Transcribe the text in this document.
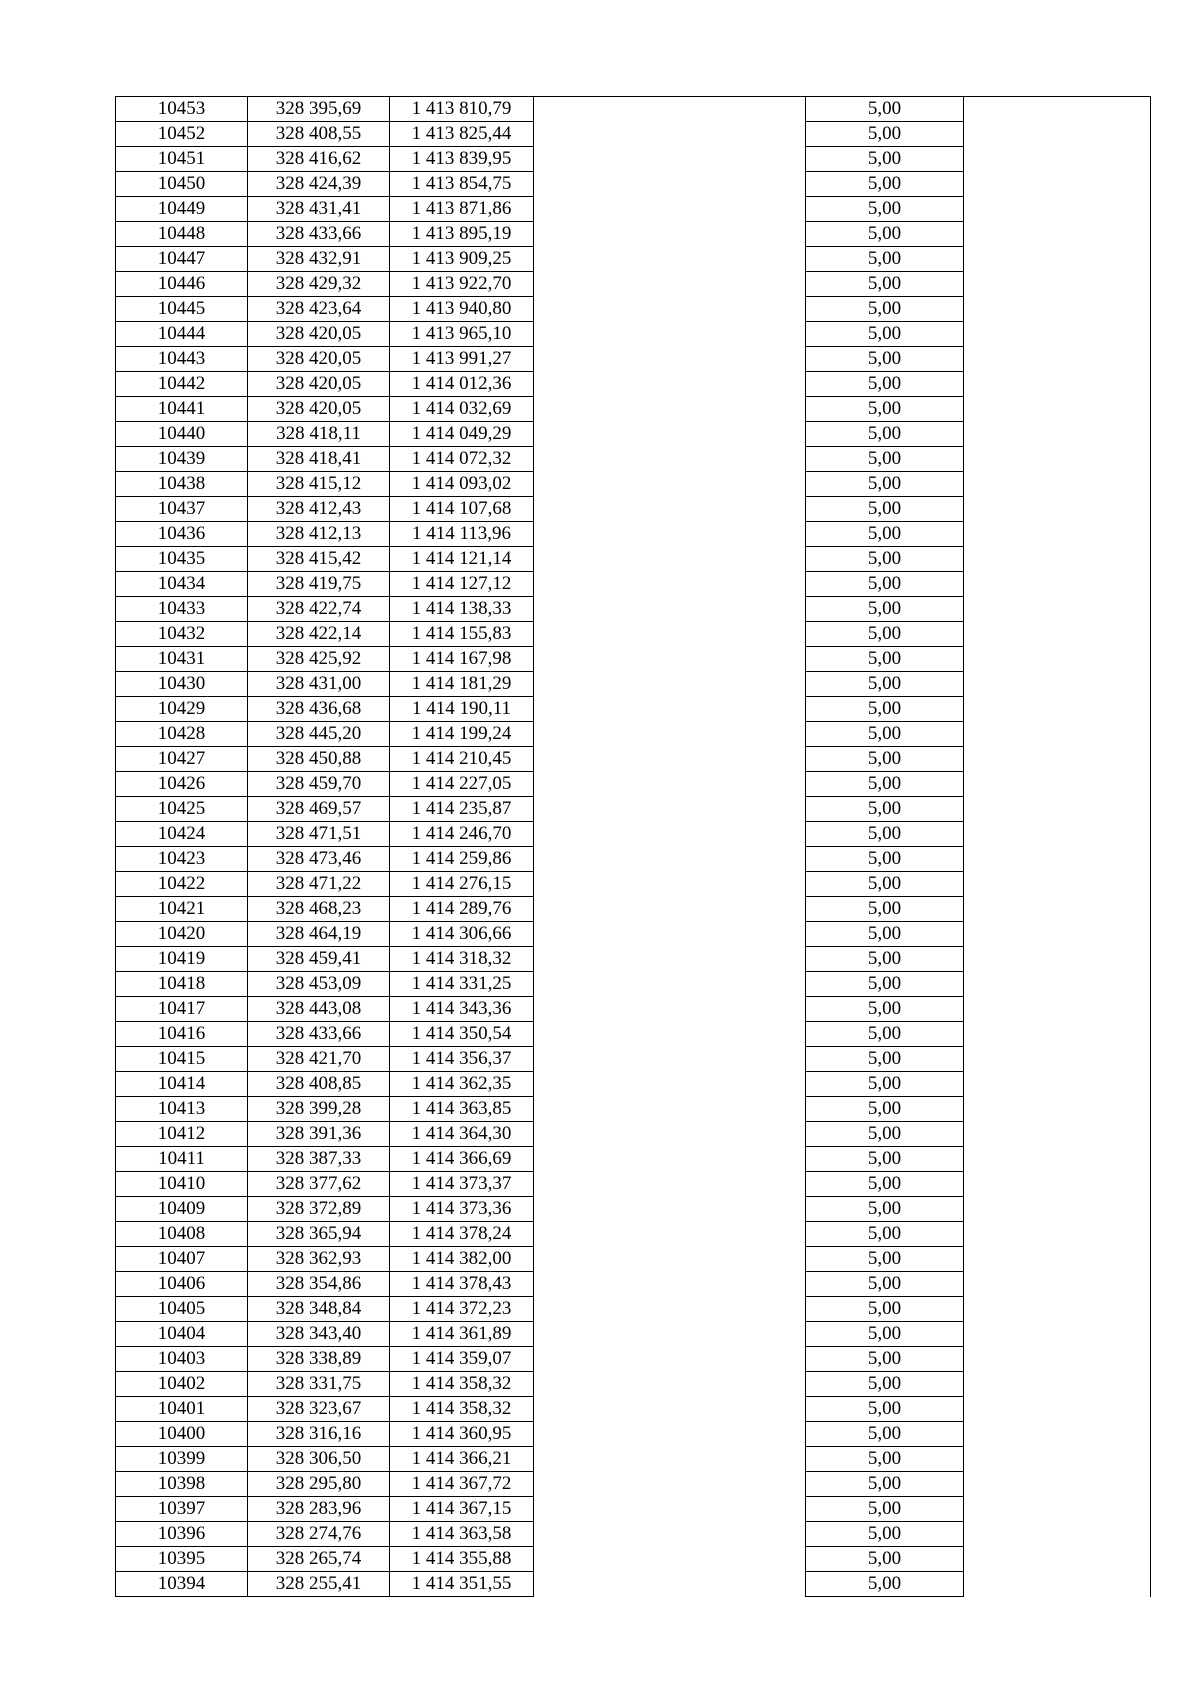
10453	328 395,69	1 413 810,79		5,00	
10452	328 408,55	1 413 825,44		5,00	
10451	328 416,62	1 413 839,95		5,00	
10450	328 424,39	1 413 854,75		5,00	
10449	328 431,41	1 413 871,86		5,00	
10448	328 433,66	1 413 895,19		5,00	
10447	328 432,91	1 413 909,25		5,00	
10446	328 429,32	1 413 922,70		5,00	
10445	328 423,64	1 413 940,80		5,00	
10444	328 420,05	1 413 965,10		5,00	
10443	328 420,05	1 413 991,27		5,00	
10442	328 420,05	1 414 012,36		5,00	
10441	328 420,05	1 414 032,69		5,00	
10440	328 418,11	1 414 049,29		5,00	
10439	328 418,41	1 414 072,32		5,00	
10438	328 415,12	1 414 093,02		5,00	
10437	328 412,43	1 414 107,68		5,00	
10436	328 412,13	1 414 113,96		5,00	
10435	328 415,42	1 414 121,14		5,00	
10434	328 419,75	1 414 127,12		5,00	
10433	328 422,74	1 414 138,33		5,00	
10432	328 422,14	1 414 155,83		5,00	
10431	328 425,92	1 414 167,98		5,00	
10430	328 431,00	1 414 181,29		5,00	
10429	328 436,68	1 414 190,11		5,00	
10428	328 445,20	1 414 199,24		5,00	
10427	328 450,88	1 414 210,45		5,00	
10426	328 459,70	1 414 227,05		5,00	
10425	328 469,57	1 414 235,87		5,00	
10424	328 471,51	1 414 246,70		5,00	
10423	328 473,46	1 414 259,86		5,00	
10422	328 471,22	1 414 276,15		5,00	
10421	328 468,23	1 414 289,76		5,00	
10420	328 464,19	1 414 306,66		5,00	
10419	328 459,41	1 414 318,32		5,00	
10418	328 453,09	1 414 331,25		5,00	
10417	328 443,08	1 414 343,36		5,00	
10416	328 433,66	1 414 350,54		5,00	
10415	328 421,70	1 414 356,37		5,00	
10414	328 408,85	1 414 362,35		5,00	
10413	328 399,28	1 414 363,85		5,00	
10412	328 391,36	1 414 364,30		5,00	
10411	328 387,33	1 414 366,69		5,00	
10410	328 377,62	1 414 373,37		5,00	
10409	328 372,89	1 414 373,36		5,00	
10408	328 365,94	1 414 378,24		5,00	
10407	328 362,93	1 414 382,00		5,00	
10406	328 354,86	1 414 378,43		5,00	
10405	328 348,84	1 414 372,23		5,00	
10404	328 343,40	1 414 361,89		5,00	
10403	328 338,89	1 414 359,07		5,00	
10402	328 331,75	1 414 358,32		5,00	
10401	328 323,67	1 414 358,32		5,00	
10400	328 316,16	1 414 360,95		5,00	
10399	328 306,50	1 414 366,21		5,00	
10398	328 295,80	1 414 367,72		5,00	
10397	328 283,96	1 414 367,15		5,00	
10396	328 274,76	1 414 363,58		5,00	
10395	328 265,74	1 414 355,88		5,00	
10394	328 255,41	1 414 351,55		5,00	
